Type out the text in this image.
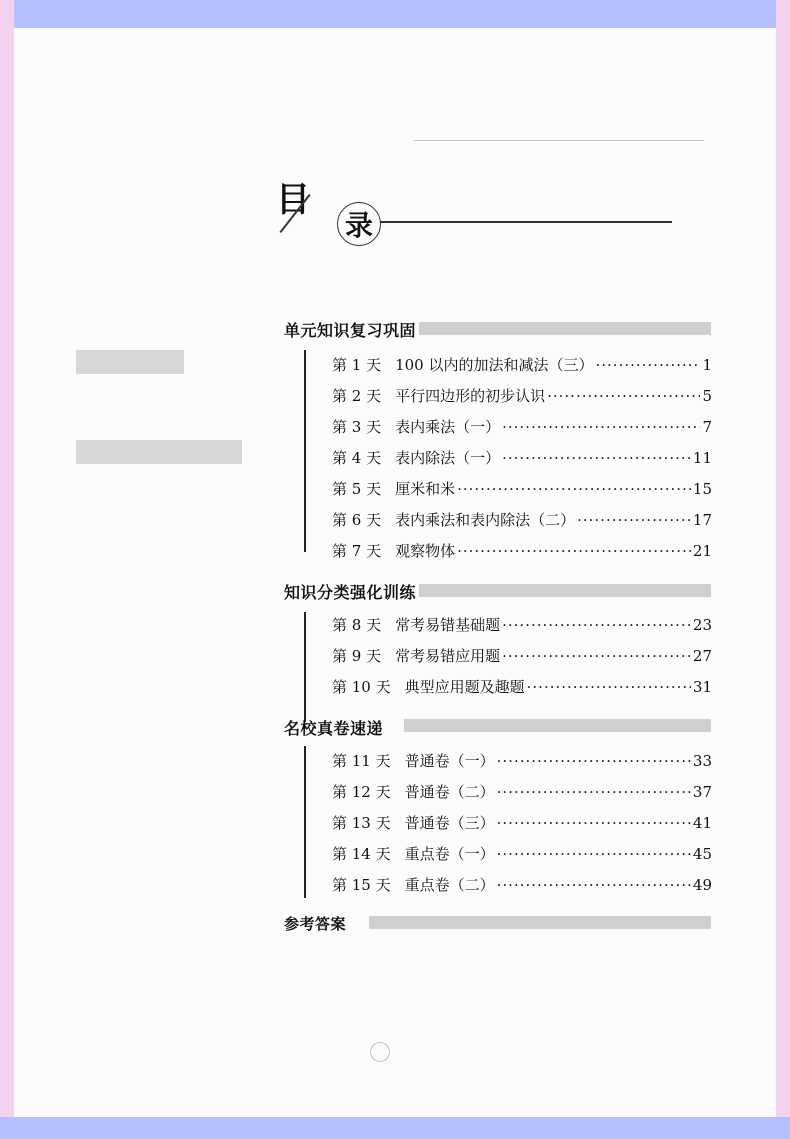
目
录
单元知识复习巩固
第 1 天 100 以内的加法和减法（三） ·····	1
第 2 天 平行四边形的初步认识 ·····	5
第 3 天 表内乘法（一） ·····	7
第 4 天 表内除法（一） ·····	11
第 5 天 厘米和米 ·····	15
第 6 天 表内乘法和表内除法（二） ·····	17
第 7 天 观察物体 ·····	21
知识分类强化训练
第 8 天 常考易错基础题 ·····	23
第 9 天 常考易错应用题 ·····	27
第 10 天 典型应用题及趣题 ·····	31
名校真卷速递
第 11 天 普通卷（一） ·····	33
第 12 天 普通卷（二） ·····	37
第 13 天 普通卷（三） ·····	41
第 14 天 重点卷（一） ·····	45
第 15 天 重点卷（二） ·····	49
参考答案
